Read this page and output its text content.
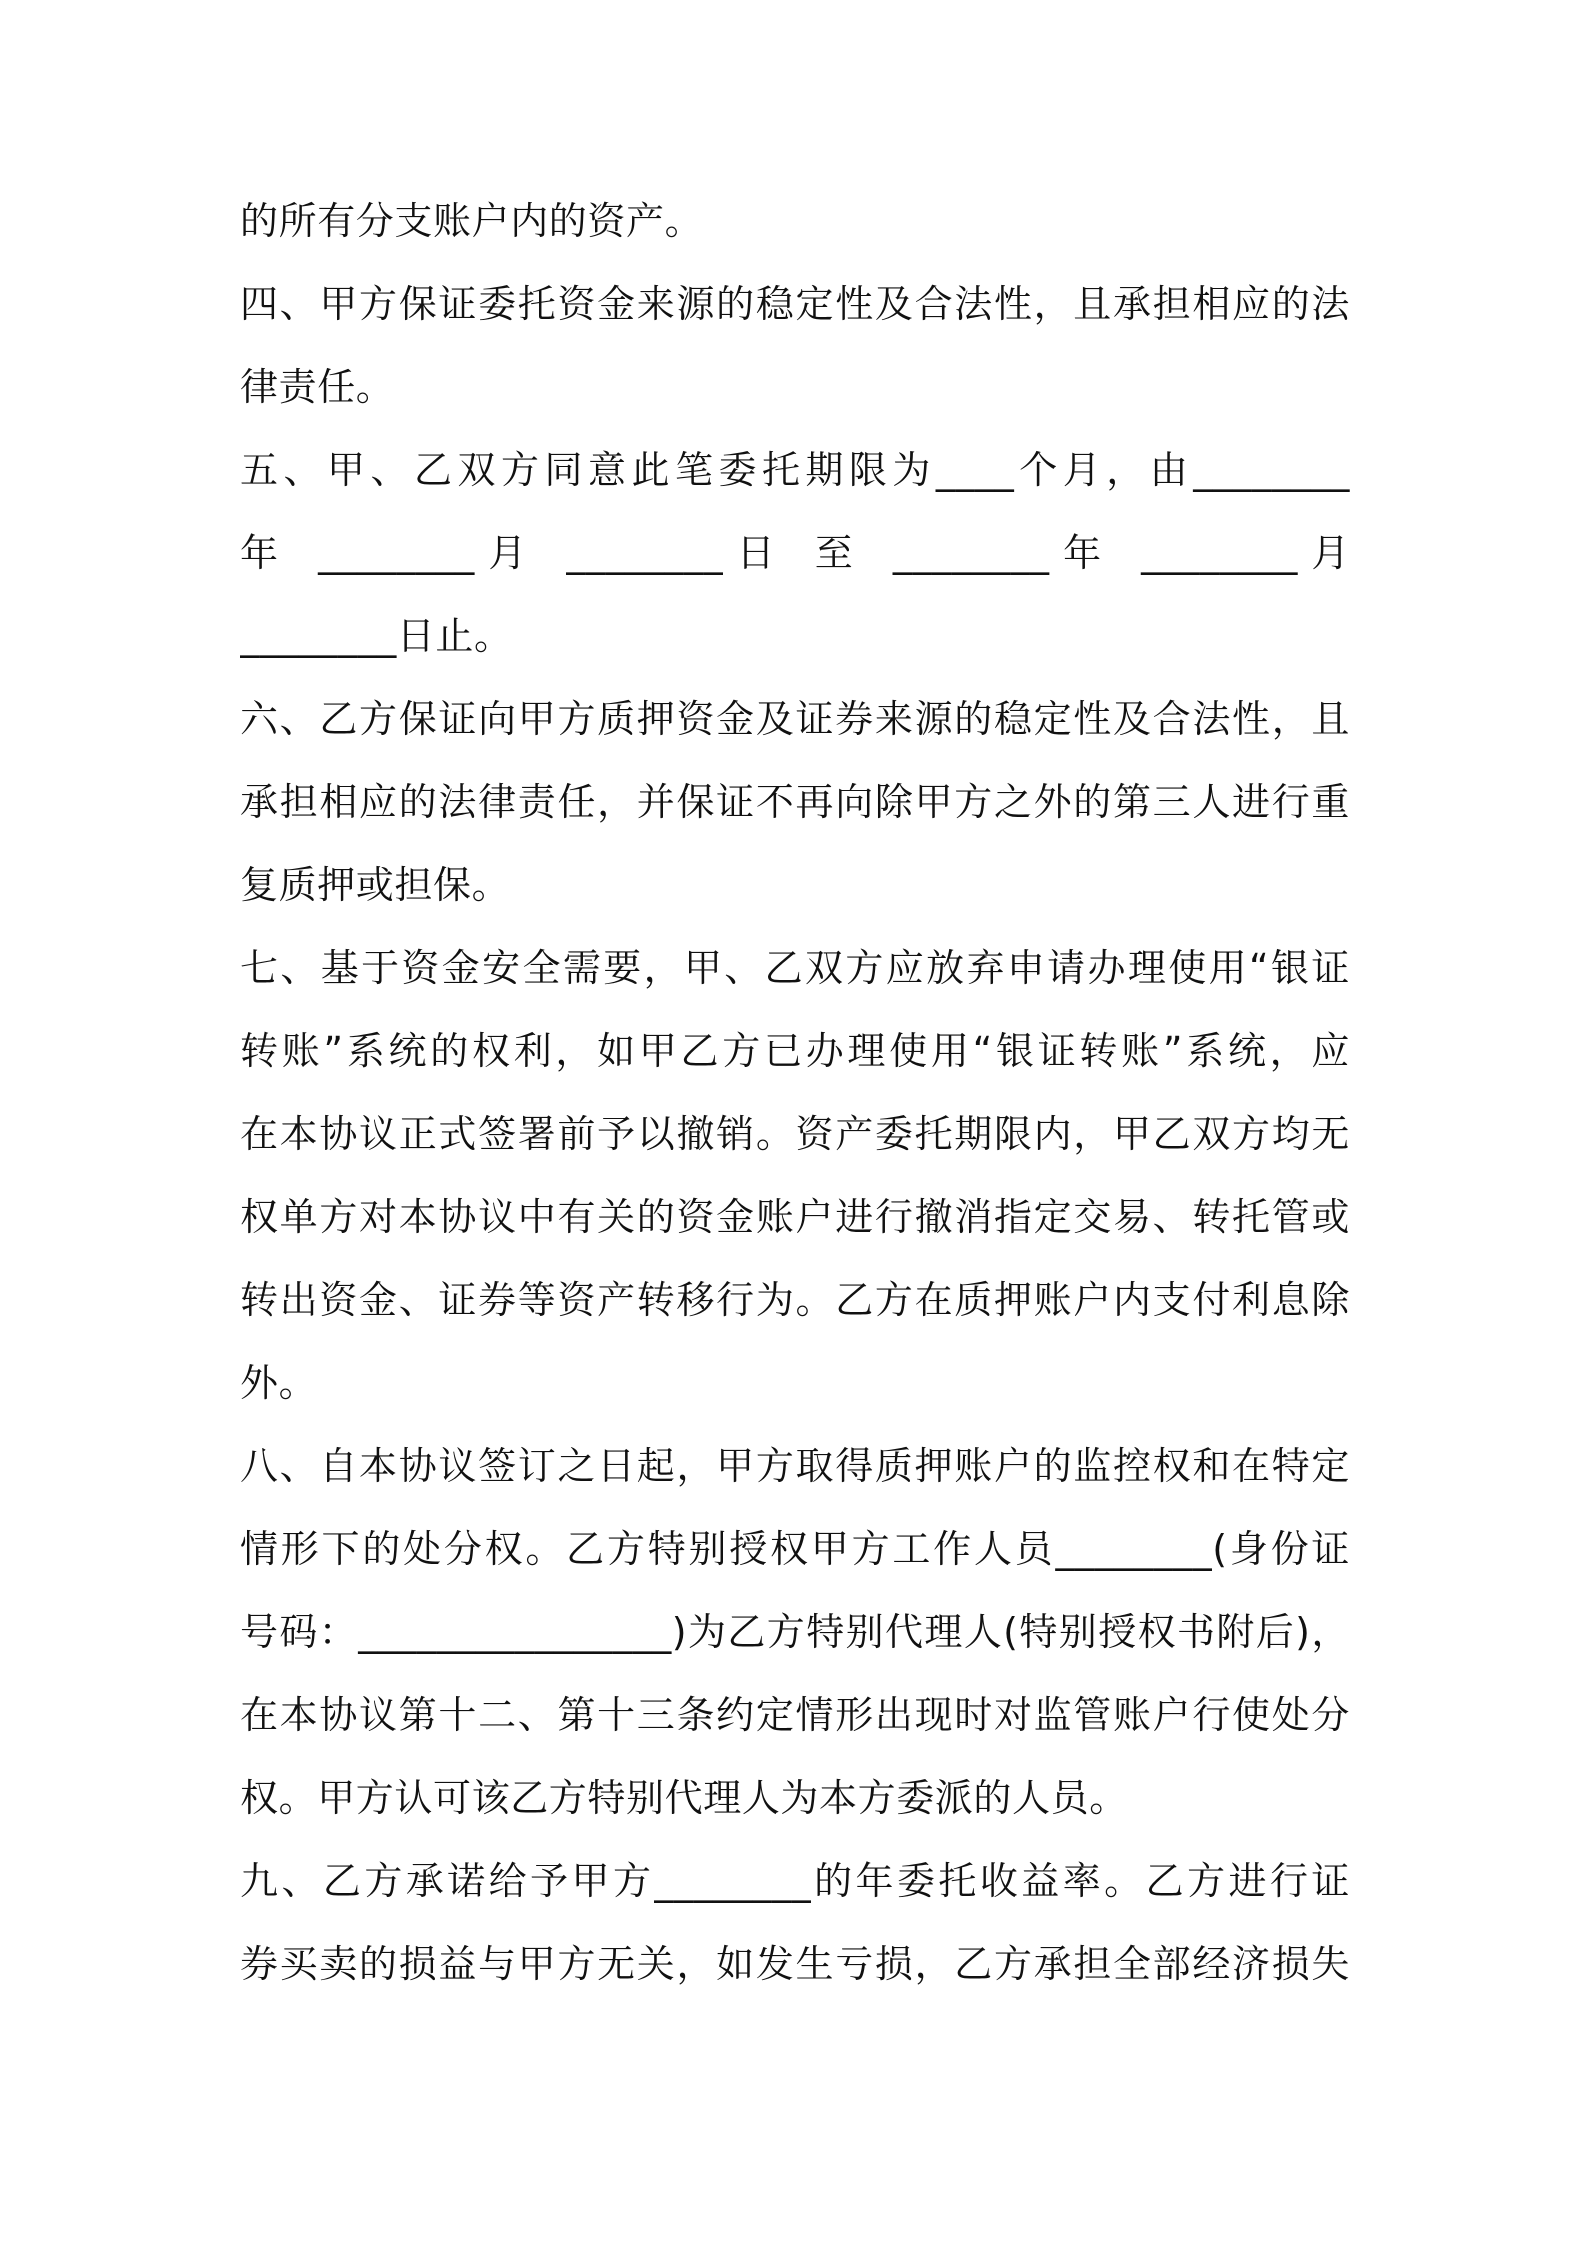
的所有分支账户内的资产。
四、甲方保证委托资金来源的稳定性及合法性，且承担相应的法
律责任。
五、甲、乙双方同意此笔委托期限为____个月，由________
年 ________月 ________日 至 ________年 ________月
________日止。
六、乙方保证向甲方质押资金及证券来源的稳定性及合法性，且
承担相应的法律责任，并保证不再向除甲方之外的第三人进行重
复质押或担保。
七、基于资金安全需要，甲、乙双方应放弃申请办理使用“银证
转账”系统的权利，如甲乙方已办理使用“银证转账”系统，应
在本协议正式签署前予以撤销。资产委托期限内，甲乙双方均无
权单方对本协议中有关的资金账户进行撤消指定交易、转托管或
转出资金、证券等资产转移行为。乙方在质押账户内支付利息除
外。
八、自本协议签订之日起，甲方取得质押账户的监控权和在特定
情形下的处分权。乙方特别授权甲方工作人员________(身份证
号码：________________)为乙方特别代理人(特别授权书附后)，
在本协议第十二、第十三条约定情形出现时对监管账户行使处分
权。甲方认可该乙方特别代理人为本方委派的人员。
九、乙方承诺给予甲方________的年委托收益率。乙方进行证
券买卖的损益与甲方无关，如发生亏损，乙方承担全部经济损失
